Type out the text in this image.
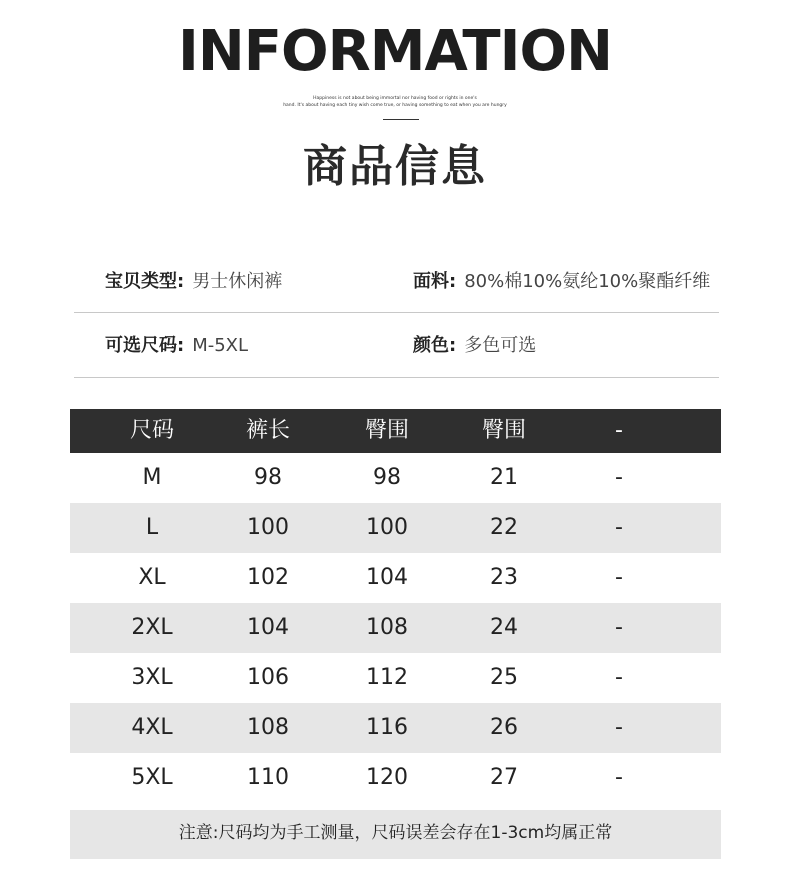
INFORMATION
Happiness is not about being immortal nor having food or rights in one's
hand. It's about having each tiny wish come true, or having something to eat when you are hungry
商品信息
宝贝类型: 男士休闲裤	面料: 80%棉10%氨纶10%聚酯纤维
可选尺码: M-5XL	颜色: 多色可选
尺码	裤长	臀围	臀围	-
M	98	98	21	-
L	100	100	22	-
XL	102	104	23	-
2XL	104	108	24	-
3XL	106	112	25	-
4XL	108	116	26	-
5XL	110	120	27	-
注意:尺码均为手工测量，尺码误差会存在1-3cm均属正常
